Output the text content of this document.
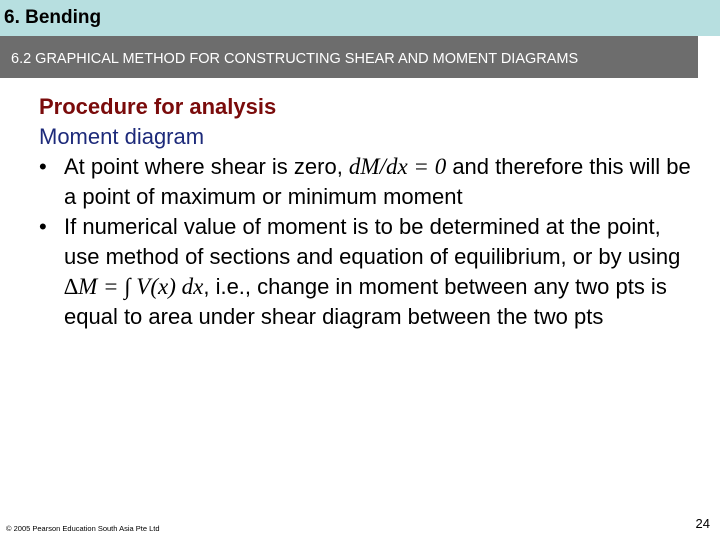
6. Bending
6.2 GRAPHICAL METHOD FOR CONSTRUCTING SHEAR AND MOMENT DIAGRAMS
Procedure for analysis
Moment diagram
• At point where shear is zero, dM/dx = 0 and therefore this will be a point of maximum or minimum moment
• If numerical value of moment is to be determined at the point, use method of sections and equation of equilibrium, or by using ∆M = ∫ V(x) dx, i.e., change in moment between any two pts is equal to area under shear diagram between the two pts
© 2005 Pearson Education South Asia Pte Ltd	24
